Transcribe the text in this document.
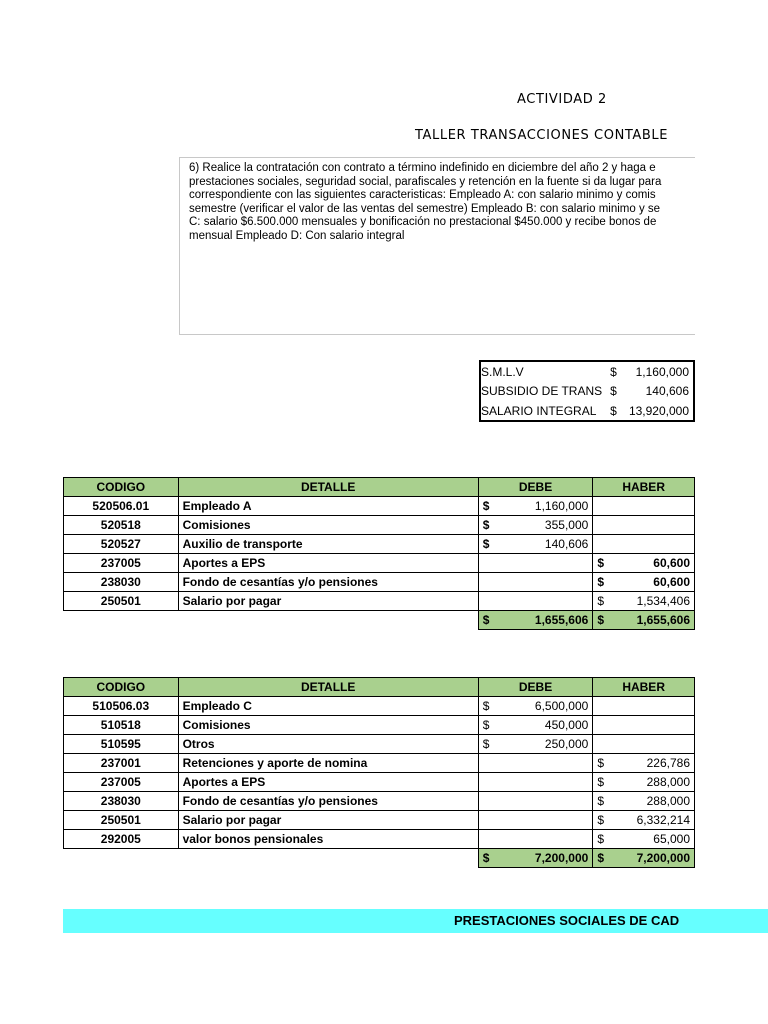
ACTIVIDAD 2
TALLER TRANSACCIONES CONTABLE

6) Realice la contratación con contrato a término indefinido en diciembre del año 2 y haga e
prestaciones sociales, seguridad social, parafiscales y retención en la fuente si da lugar para
correspondiente con las siguientes caracteristicas: Empleado A: con salario minimo y comis
semestre (verificar el valor de las ventas del semestre) Empleado B: con salario minimo y se
C: salario $6.500.000 mensuales y bonificación no prestacional $450.000 y recibe bonos de
mensual Empleado D: Con salario integral

S.M.L.V	$ 1,160,000

SUBSIDIO DE TRANS	$ 140,606

SALARIO INTEGRAL	$ 13,920,000
CODIGO	DETALLE	DEBE	HABER
520506.01	Empleado A	$ 1,160,000	

520518	Comisiones	$ 355,000	

520527	Auxilio de transporte	$ 140,606	

237005	Aportes a EPS		$ 60,600

238030	Fondo de cesantías y/o pensiones		$ 60,600

250501	Salario por pagar		$ 1,534,406

		$ 1,655,606	$ 1,655,606
CODIGO	DETALLE	DEBE	HABER
510506.03	Empleado C	$ 6,500,000	

510518	Comisiones	$ 450,000	

510595	Otros	$ 250,000	

237001	Retenciones y aporte de nomina		$ 226,786

237005	Aportes a EPS		$ 288,000

238030	Fondo de cesantías y/o pensiones		$ 288,000

250501	Salario por pagar		$ 6,332,214

292005	valor bonos pensionales		$ 65,000

		$ 7,200,000	$ 7,200,000
PRESTACIONES SOCIALES DE CAD
